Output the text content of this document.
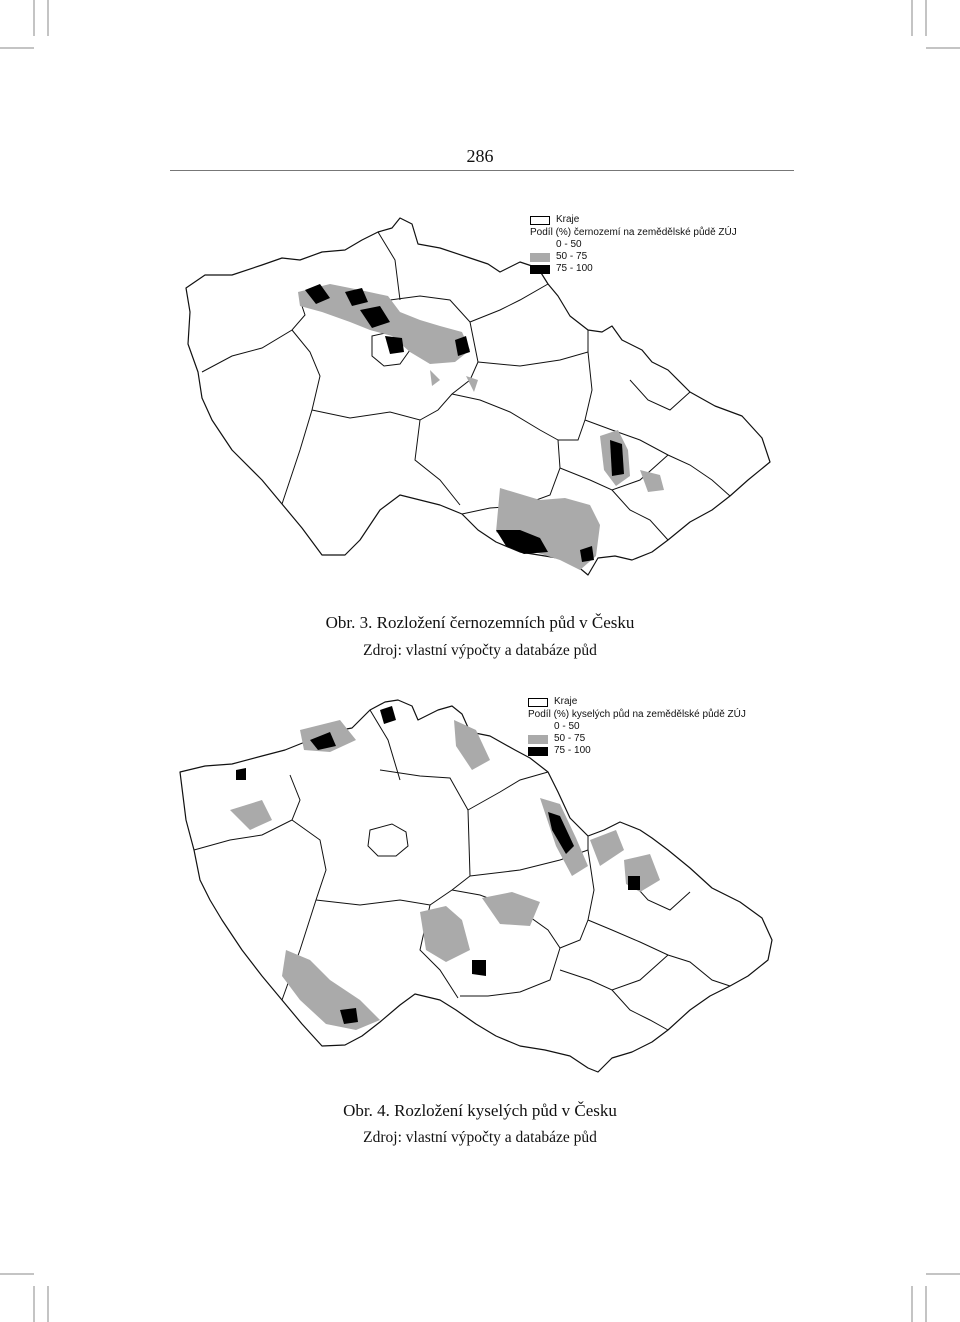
286
Kraje
Podíl (%) černozemí na zemědělské půdě ZÚJ
0 - 50
50 - 75
75 - 100
Obr. 3. Rozložení černozemních půd v Česku
Zdroj: vlastní výpočty a databáze půd
Kraje
Podíl (%) kyselých půd na zemědělské půdě ZÚJ
0 - 50
50 - 75
75 - 100
Obr. 4. Rozložení kyselých půd v Česku
Zdroj: vlastní výpočty a databáze půd
